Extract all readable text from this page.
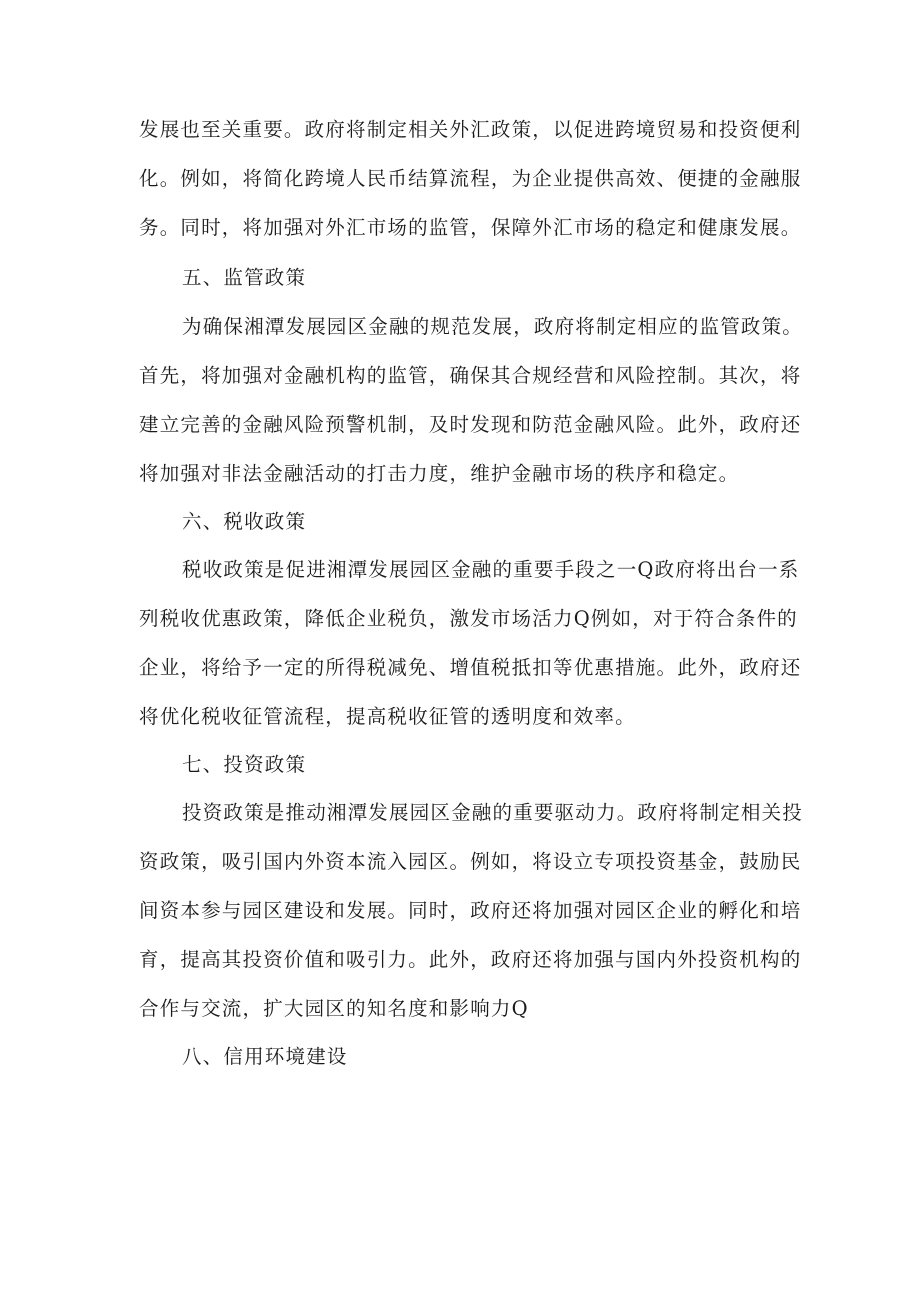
发展也至关重要。政府将制定相关外汇政策，以促进跨境贸易和投资便利
化。例如，将简化跨境人民币结算流程，为企业提供高效、便捷的金融服
务。同时，将加强对外汇市场的监管，保障外汇市场的稳定和健康发展。
五、监管政策
为确保湘潭发展园区金融的规范发展，政府将制定相应的监管政策。
首先，将加强对金融机构的监管，确保其合规经营和风险控制。其次，将
建立完善的金融风险预警机制，及时发现和防范金融风险。此外，政府还
将加强对非法金融活动的打击力度，维护金融市场的秩序和稳定。
六、税收政策
税收政策是促进湘潭发展园区金融的重要手段之一Q政府将出台一系
列税收优惠政策，降低企业税负，激发市场活力Q例如，对于符合条件的
企业，将给予一定的所得税减免、增值税抵扣等优惠措施。此外，政府还
将优化税收征管流程，提高税收征管的透明度和效率。
七、投资政策
投资政策是推动湘潭发展园区金融的重要驱动力。政府将制定相关投
资政策，吸引国内外资本流入园区。例如，将设立专项投资基金，鼓励民
间资本参与园区建设和发展。同时，政府还将加强对园区企业的孵化和培
育，提高其投资价值和吸引力。此外，政府还将加强与国内外投资机构的
合作与交流，扩大园区的知名度和影响力Q
八、信用环境建设
